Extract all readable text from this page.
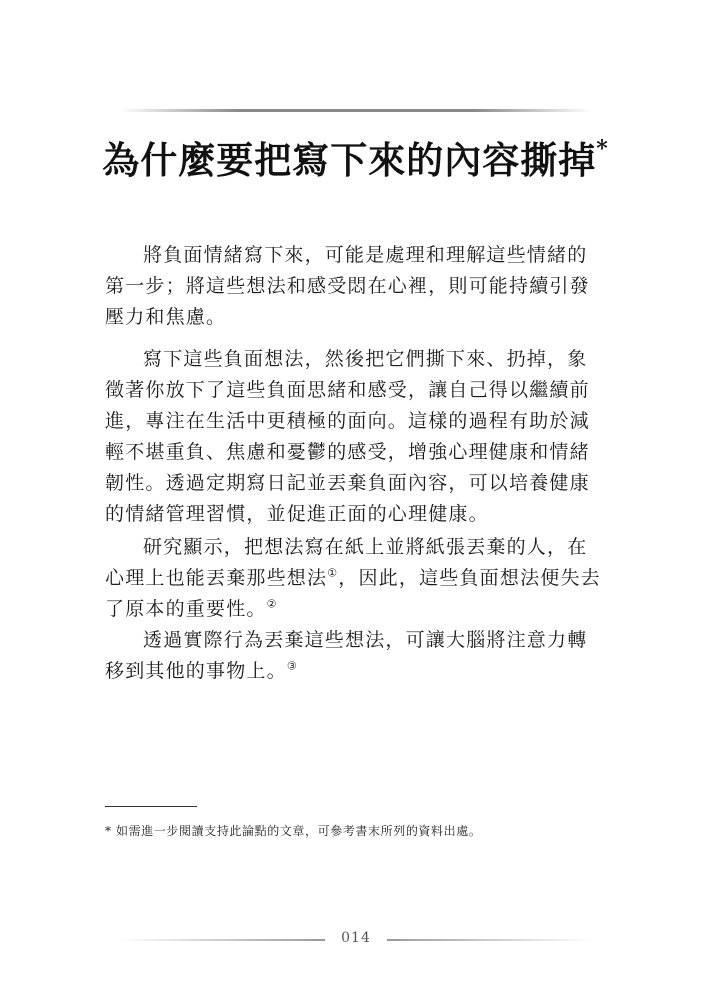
為什麼要把寫下來的內容撕掉*

將負面情緒寫下來，可能是處理和理解這些情緒的第一步；將這些想法和感受悶在心裡，則可能持續引發壓力和焦慮。

寫下這些負面想法，然後把它們撕下來、扔掉，象徵著你放下了這些負面思緒和感受，讓自己得以繼續前進，專注在生活中更積極的面向。這樣的過程有助於減輕不堪重負、焦慮和憂鬱的感受，增強心理健康和情緒韌性。透過定期寫日記並丟棄負面內容，可以培養健康的情緒管理習慣，並促進正面的心理健康。

研究顯示，把想法寫在紙上並將紙張丟棄的人，在心理上也能丟棄那些想法①，因此，這些負面想法便失去了原本的重要性。②

透過實際行為丟棄這些想法，可讓大腦將注意力轉移到其他的事物上。③

* 如需進一步閱讀支持此論點的文章，可參考書末所列的資料出處。
014
